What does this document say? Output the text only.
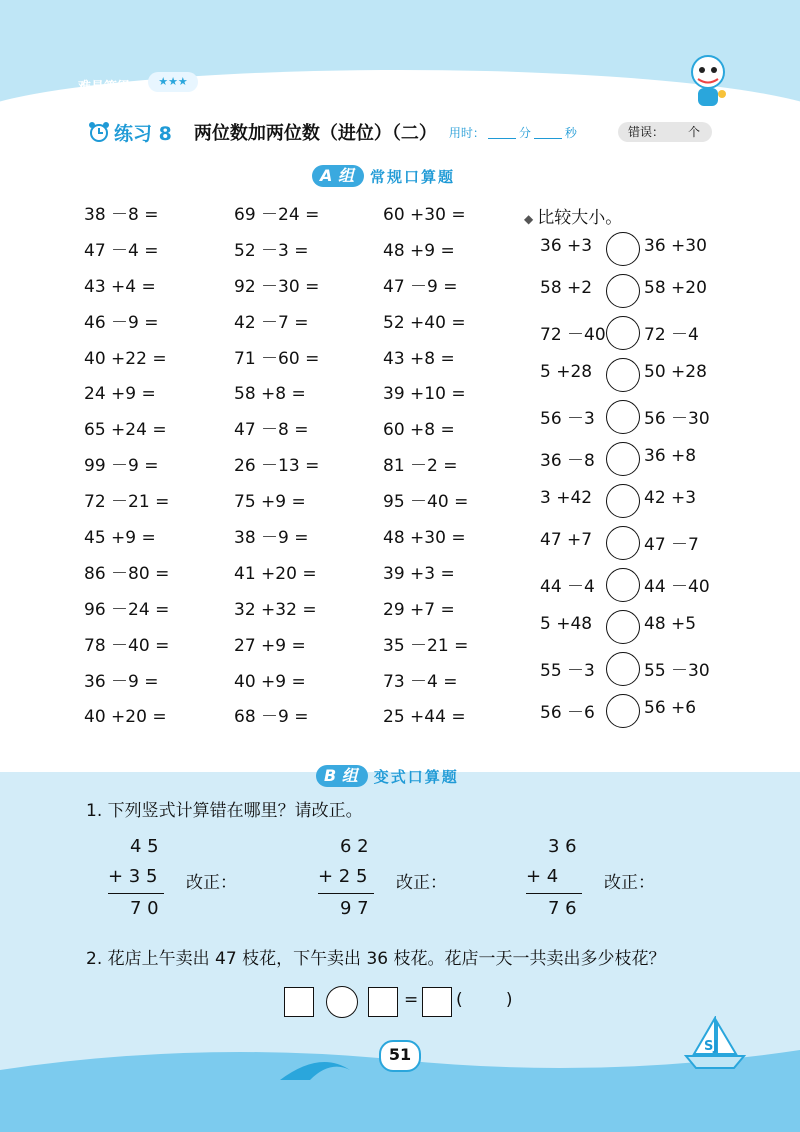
难易等级:	★★★	第六单元 100 以内的加法和减法（二）
练习 8 两位数加两位数（进位）（二） 用时：	分	秒	错误： 个
A 组	常规口算题
38 －8 =
47 －4 =
43 +4 =
46 －9 =
40 +22 =
24 +9 =
65 +24 =
99 －9 =
72 －21 =
45 +9 =
86 －80 =
96 －24 =
78 －40 =
36 －9 =
40 +20 =
69 －24 =
52 －3 =
92 －30 =
42 －7 =
71 －60 =
58 +8 =
47 －8 =
26 －13 =
75 +9 =
38 －9 =
41 +20 =
32 +32 =
27 +9 =
40 +9 =
68 －9 =
60 +30 =
48 +9 =
47 －9 =
52 +40 =
43 +8 =
39 +10 =
60 +8 =
81 －2 =
95 －40 =
48 +30 =
39 +3 =
29 +7 =
35 －21 =
73 －4 =
25 +44 =
◆ 比较大小。
36 +3	36 +30
58 +2	58 +20
72 －40 72 －4
5 +28	50 +28
56 －3	56 －30
36 －8	36 +8
3 +42	42 +3
47 +7	47 －7
44 －4	44 －40
5 +48	48 +5
55 －3	55 －30
56 －6	56 +6
B 组	变式口算题
1. 下列竖式计算错在哪里？请改正。
4 5
+ 3 5
7 0
改正：
6 2
+ 2 5
9 7
改正：
3 6
+ 4
7 6
改正：
2. 花店上午卖出 47 枝花，下午卖出 36 枝花。花店一天一共卖出多少枝花？
= (        )
51	SJ
